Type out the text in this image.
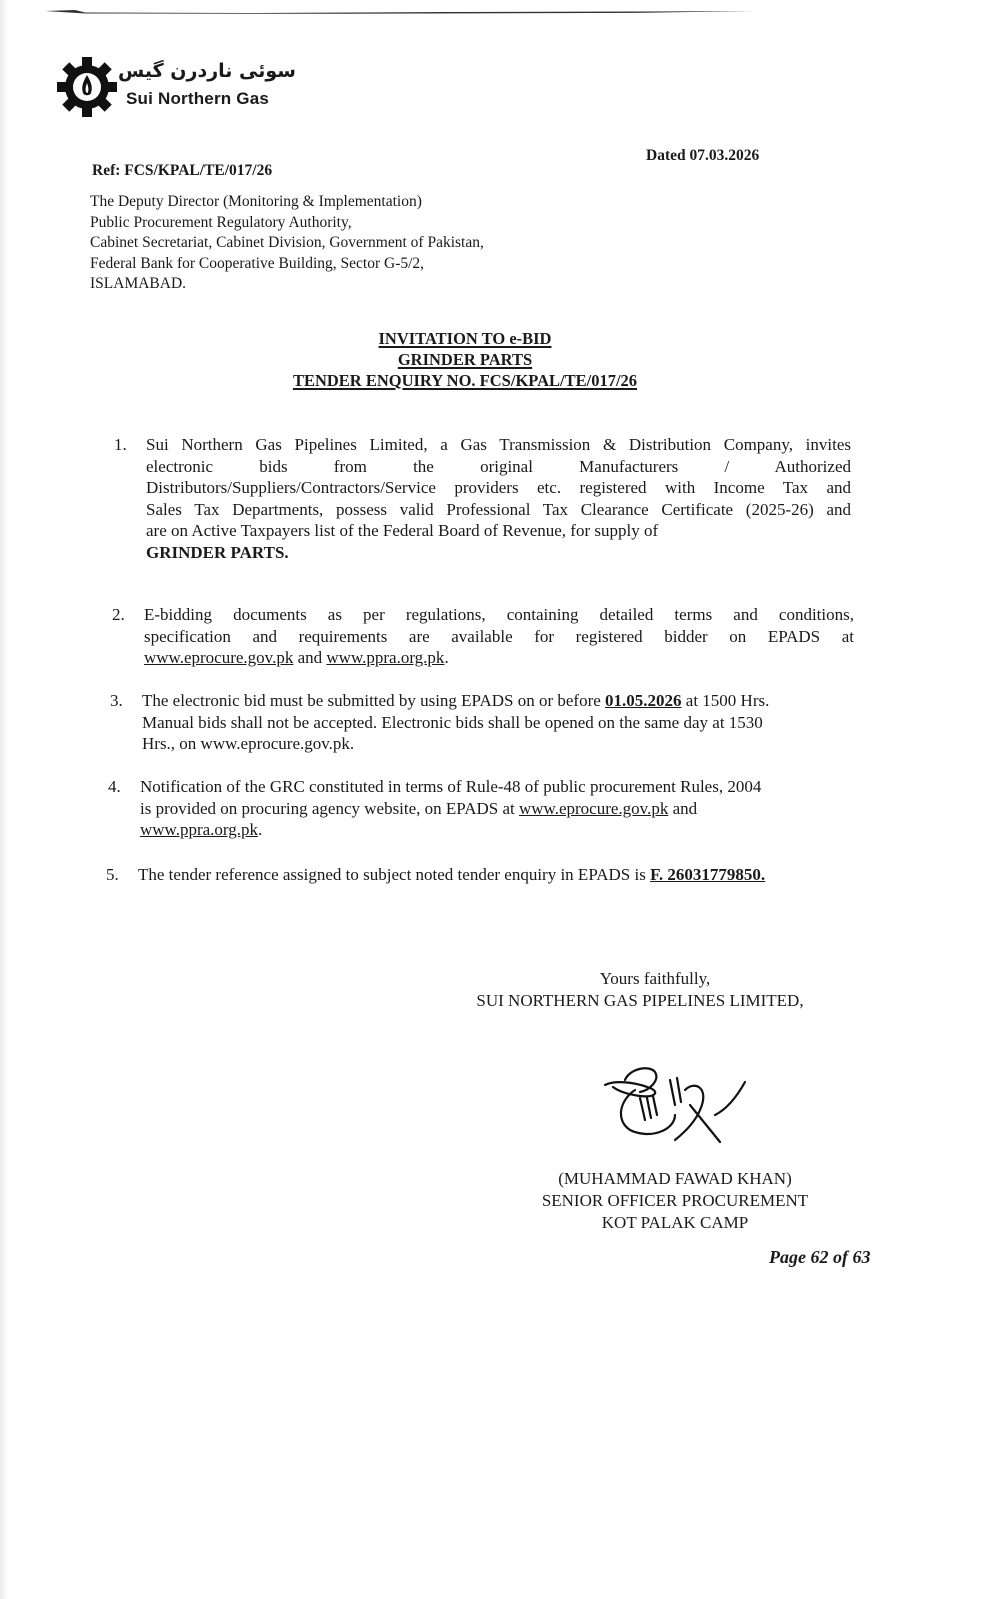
سوئی ناردرن گیس
Sui Northern Gas
Ref: FCS/KPAL/TE/017/26
Dated 07.03.2026
The Deputy Director (Monitoring & Implementation)
Public Procurement Regulatory Authority,
Cabinet Secretariat, Cabinet Division, Government of Pakistan,
Federal Bank for Cooperative Building, Sector G-5/2,
ISLAMABAD.
INVITATION TO e-BID
GRINDER PARTS
TENDER ENQUIRY NO. FCS/KPAL/TE/017/26
1. Sui Northern Gas Pipelines Limited, a Gas Transmission & Distribution Company, invites
electronic bids from the original Manufacturers / Authorized
Distributors/Suppliers/Contractors/Service providers etc. registered with Income Tax and
Sales Tax Departments, possess valid Professional Tax Clearance Certificate (2025-26) and
are on Active Taxpayers list of the Federal Board of Revenue, for supply of
GRINDER PARTS.
2. E-bidding documents as per regulations, containing detailed terms and conditions,
specification and requirements are available for registered bidder on EPADS at
www.eprocure.gov.pk and www.ppra.org.pk.
3. The electronic bid must be submitted by using EPADS on or before 01.05.2026 at 1500 Hrs.
Manual bids shall not be accepted. Electronic bids shall be opened on the same day at 1530
Hrs., on www.eprocure.gov.pk.
4. Notification of the GRC constituted in terms of Rule-48 of public procurement Rules, 2004
is provided on procuring agency website, on EPADS at www.eprocure.gov.pk and
www.ppra.org.pk.
5. The tender reference assigned to subject noted tender enquiry in EPADS is F. 26031779850.
Yours faithfully,
SUI NORTHERN GAS PIPELINES LIMITED,
(MUHAMMAD FAWAD KHAN)
SENIOR OFFICER PROCUREMENT
KOT PALAK CAMP
Page 62 of 63
